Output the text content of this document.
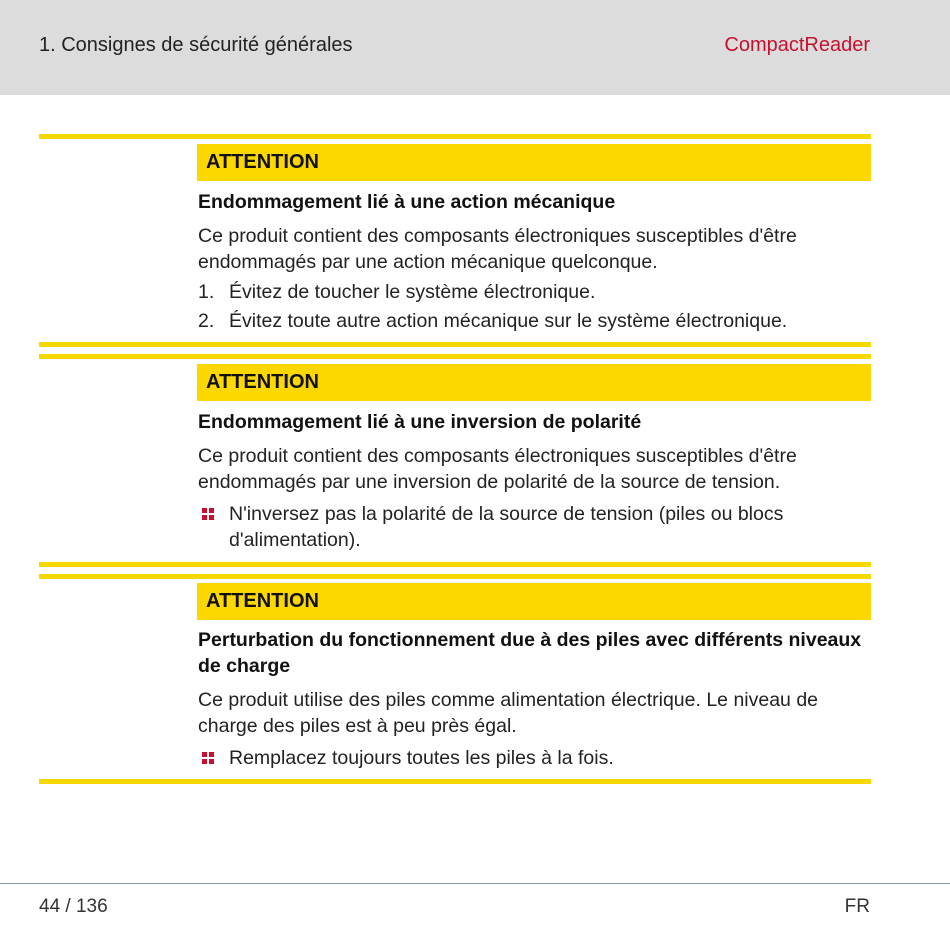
1. Consignes de sécurité générales	CompactReader
ATTENTION
Endommagement lié à une action mécanique
Ce produit contient des composants électroniques susceptibles d'être endommagés par une action mécanique quelconque.
1. Évitez de toucher le système électronique.
2. Évitez toute autre action mécanique sur le système électronique.
ATTENTION
Endommagement lié à une inversion de polarité
Ce produit contient des composants électroniques susceptibles d'être endommagés par une inversion de polarité de la source de tension.
N'inversez pas la polarité de la source de tension (piles ou blocs d'alimentation).
ATTENTION
Perturbation du fonctionnement due à des piles avec différents niveaux de charge
Ce produit utilise des piles comme alimentation électrique. Le niveau de charge des piles est à peu près égal.
Remplacez toujours toutes les piles à la fois.
44 / 136	FR
